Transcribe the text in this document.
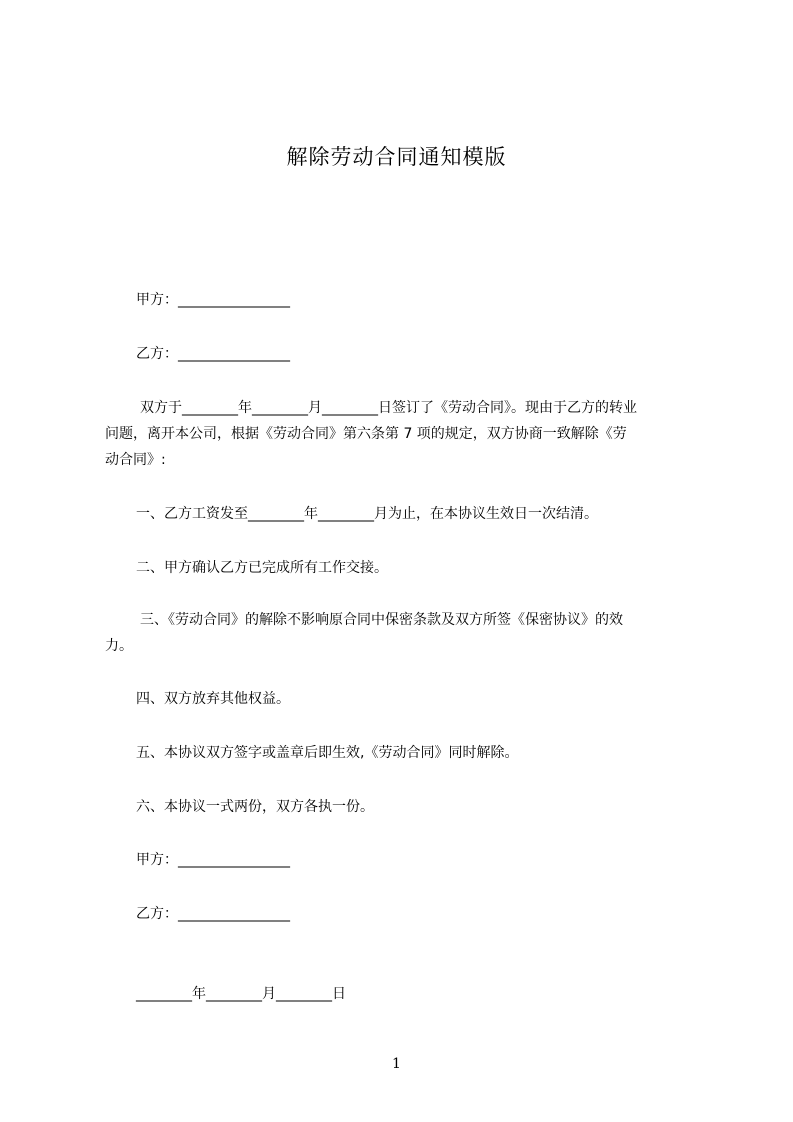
解除劳动合同通知模版
甲方：________________
乙方：________________
双方于________年________月________日签订了《劳动合同》。现由于乙方的转业
问题，离开本公司，根据《劳动合同》第六条第 7 项的规定，双方协商一致解除《劳
动合同》:
一、乙方工资发至________年________月为止，在本协议生效日一次结清。
二、甲方确认乙方已完成所有工作交接。
三、《劳动合同》的解除不影响原合同中保密条款及双方所签《保密协议》的效
力。
四、双方放弃其他权益。
五、本协议双方签字或盖章后即生效,《劳动合同》同时解除。
六、本协议一式两份，双方各执一份。
甲方：________________
乙方：________________
________年________月________日
1
